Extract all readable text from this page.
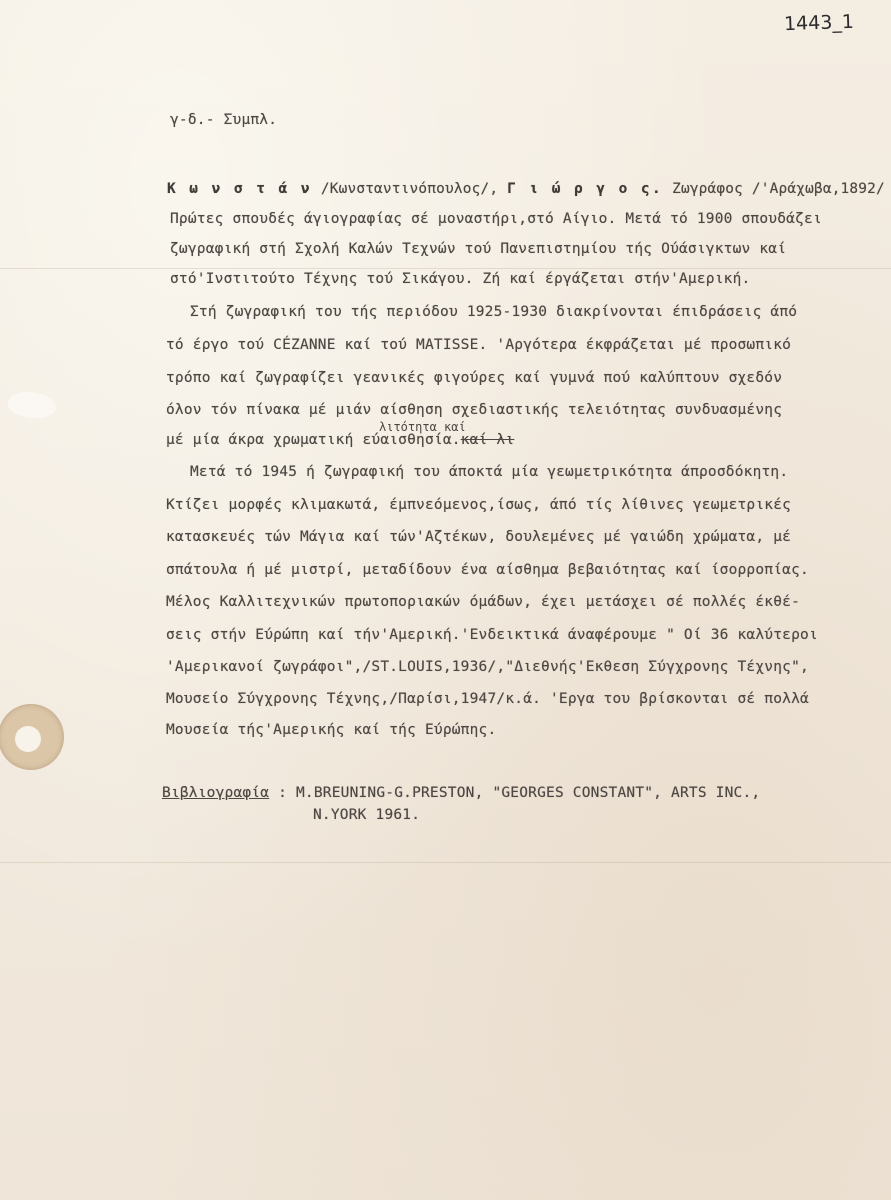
1443_1
γ-δ.- Συμπλ.
Κ ω ν σ τ ά ν /Κωνσταντινόπουλος/, Γ ι ώ ρ γ ο ς. Ζωγράφος /'Αράχωβα,1892/
Πρώτες σπουδές άγιογραφίας σέ μοναστήρι,στό Αίγιο. Μετά τό 1900 σπουδάζει
ζωγραφική στή Σχολή Καλών Τεχνών τού Πανεπιστημίου τής Ούάσιγκτων καί
στό'Ινστιτούτο Τέχνης τού Σικάγου. Ζή καί έργάζεται στήν'Αμερική.
Στή ζωγραφική του τής περιόδου 1925-1930 διακρίνονται έπιδράσεις άπό
τό έργο τού CÉZANNE καί τού MATISSE. 'Αργότερα έκφράζεται μέ προσωπικό
τρόπο καί ζωγραφίζει γεανικές φιγούρες καί γυμνά πού καλύπτουν σχεδόν
όλον τόν πίνακα μέ μιάν αίσθηση σχεδιαστικής τελειότητας συνδυασμένης
λιτότητα καί
μέ μία άκρα χρωματική εύαισθησία.καί λι
Μετά τό 1945 ή ζωγραφική του άποκτά μία γεωμετρικότητα άπροσδόκητη.
Κτίζει μορφές κλιμακωτά, έμπνεόμενος,ίσως, άπό τίς λίθινες γεωμετρικές
κατασκευές τών Μάγια καί τών'Αζτέκων, δουλεμένες μέ γαιώδη χρώματα, μέ
σπάτουλα ή μέ μιστρί, μεταδίδουν ένα αίσθημα βεβαιότητας καί ίσορροπίας.
Μέλος Καλλιτεχνικών πρωτοποριακών όμάδων, έχει μετάσχει σέ πολλές έκθέ-
σεις στήν Εύρώπη καί τήν'Αμερική.'Ενδεικτικά άναφέρουμε " Οί 36 καλύτεροι
'Αμερικανοί ζωγράφοι",/ST.LOUIS,1936/,"Διεθνής'Εκθεση Σύγχρονης Τέχνης",
Μουσείο Σύγχρονης Τέχνης,/Παρίσι,1947/κ.ά. 'Εργα του βρίσκονται σέ πολλά
Μουσεία τής'Αμερικής καί τής Εύρώπης.
Βιβλιογραφία : M.BREUNING-G.PRESTON, "GEORGES CONSTANT", ARTS INC.,
N.YORK 1961.
